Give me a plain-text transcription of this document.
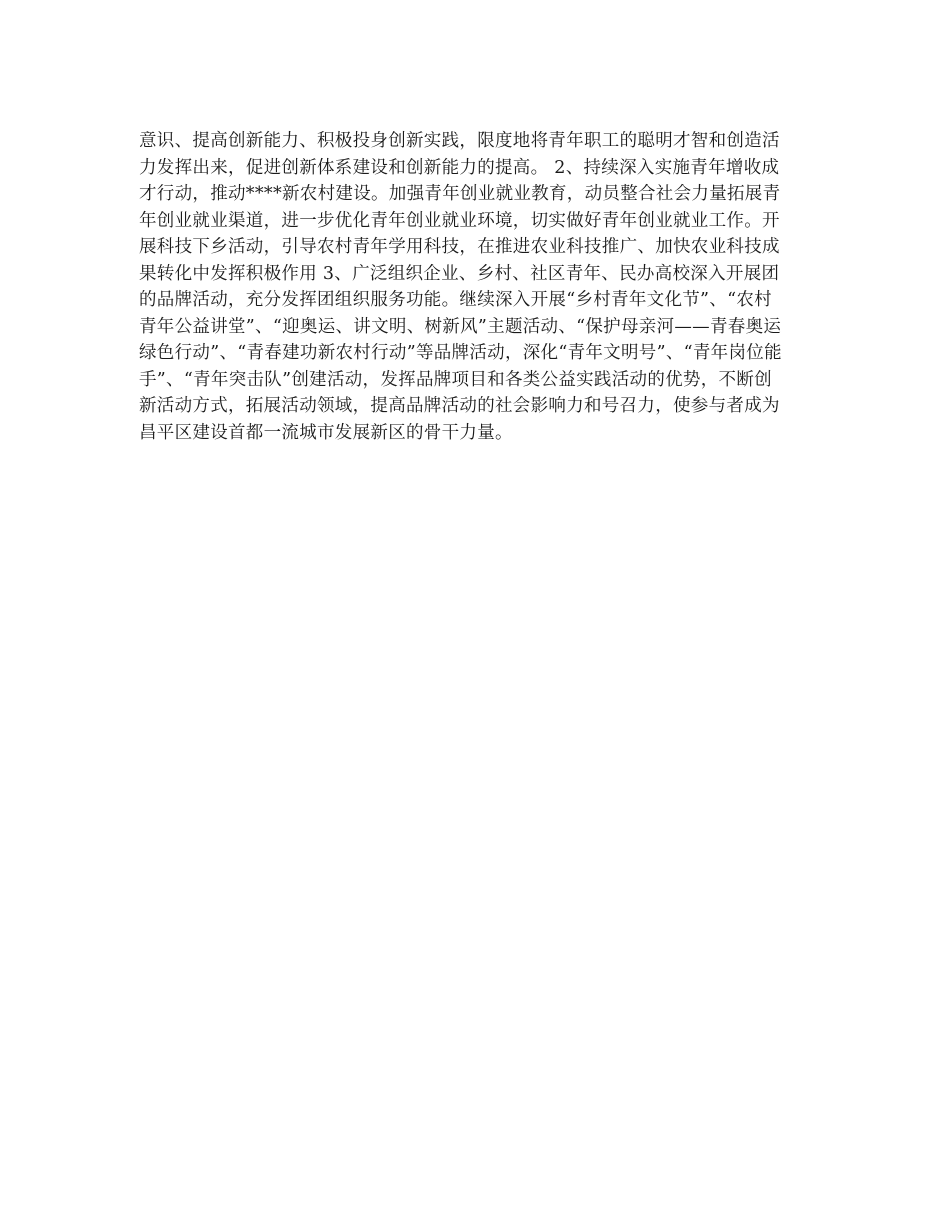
意识、提高创新能力、积极投身创新实践，限度地将青年职工的聪明才智和创造活
力发挥出来，促进创新体系建设和创新能力的提高。 2、持续深入实施青年增收成
才行动，推动****新农村建设。加强青年创业就业教育，动员整合社会力量拓展青
年创业就业渠道，进一步优化青年创业就业环境，切实做好青年创业就业工作。开
展科技下乡活动，引导农村青年学用科技，在推进农业科技推广、加快农业科技成
果转化中发挥积极作用 3、广泛组织企业、乡村、社区青年、民办高校深入开展团
的品牌活动，充分发挥团组织服务功能。继续深入开展“乡村青年文化节”、“农村
青年公益讲堂”、“迎奥运、讲文明、树新风”主题活动、“保护母亲河——青春奥运
绿色行动”、“青春建功新农村行动”等品牌活动，深化“青年文明号”、“青年岗位能
手”、“青年突击队”创建活动，发挥品牌项目和各类公益实践活动的优势，不断创
新活动方式，拓展活动领域，提高品牌活动的社会影响力和号召力，使参与者成为
昌平区建设首都一流城市发展新区的骨干力量。
